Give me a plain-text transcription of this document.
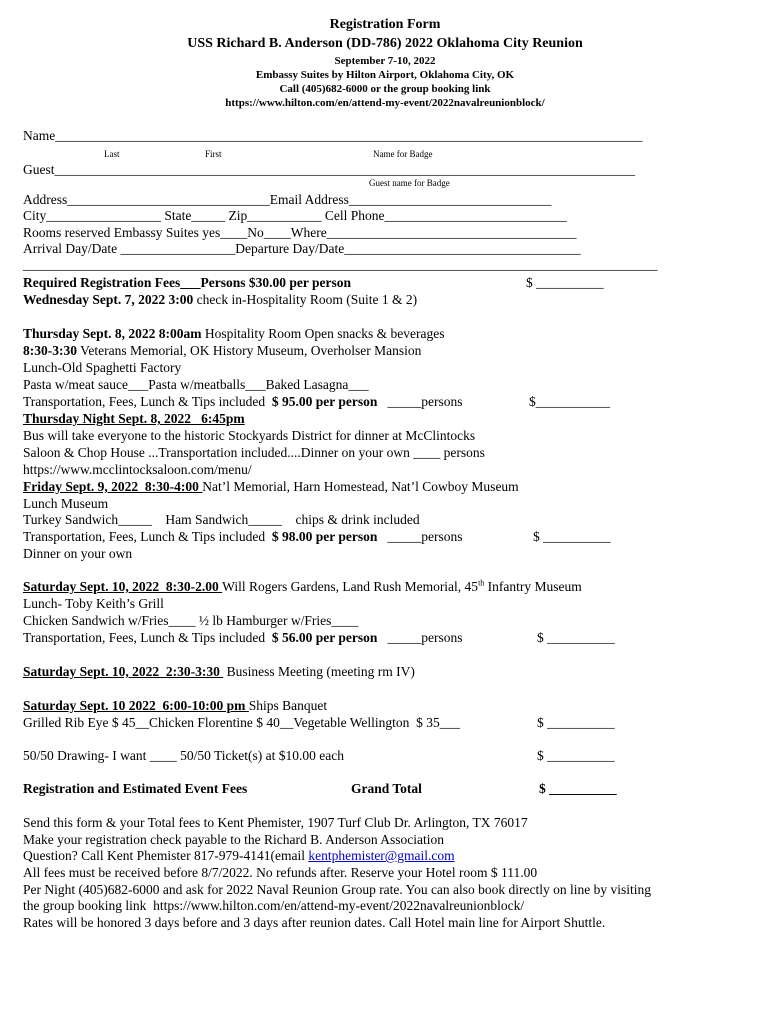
Registration Form
USS Richard B. Anderson (DD-786) 2022 Oklahoma City Reunion
September 7-10, 2022
Embassy Suites by Hilton Airport, Oklahoma City, OK
Call (405)682-6000 or the group booking link
https://www.hilton.com/en/attend-my-event/2022navalreunionblock/
Name_______________________________________________________________________________________
Last	First	Name for Badge
Guest______________________________________________________________________________________
Guest name for Badge
Address______________________________Email Address______________________________
City_________________ State_____ Zip___________ Cell Phone___________________________
Rooms reserved Embassy Suites yes____No____Where_____________________________________
Arrival Day/Date _________________Departure Day/Date___________________________________
______________________________________________________________________________________________
Required Registration Fees___Persons $30.00 per person	$ __________
Wednesday Sept. 7, 2022 3:00 check in-Hospitality Room (Suite 1 & 2)
Thursday Sept. 8, 2022 8:00am Hospitality Room Open snacks & beverages
8:30-3:30 Veterans Memorial, OK History Museum, Overholser Mansion
Lunch-Old Spaghetti Factory
Pasta w/meat sauce___Pasta w/meatballs___Baked Lasagna___
Transportation, Fees, Lunch & Tips included  $ 95.00 per person   _____persons	$___________
Thursday Night Sept. 8, 2022   6:45pm
Bus will take everyone to the historic Stockyards District for dinner at McClintocks
Saloon & Chop House ...Transportation included....Dinner on your own ____ persons
https://www.mcclintocksaloon.com/menu/
Friday Sept. 9, 2022  8:30-4:00 Nat’l Memorial, Harn Homestead, Nat’l Cowboy Museum
Lunch Museum
Turkey Sandwich_____    Ham Sandwich_____    chips & drink included
Transportation, Fees, Lunch & Tips included  $ 98.00 per person   _____persons	$ __________
Dinner on your own
Saturday Sept. 10, 2022  8:30-2.00 Will Rogers Gardens, Land Rush Memorial, 45th Infantry Museum
Lunch- Toby Keith’s Grill
Chicken Sandwich w/Fries____ ½ lb Hamburger w/Fries____
Transportation, Fees, Lunch & Tips included  $ 56.00 per person   _____persons	$ __________
Saturday Sept. 10, 2022  2:30-3:30  Business Meeting (meeting rm IV)
Saturday Sept. 10 2022  6:00-10:00 pm Ships Banquet
Grilled Rib Eye $ 45__Chicken Florentine $ 40__Vegetable Wellington  $ 35___	$ __________
50/50 Drawing- I want ____ 50/50 Ticket(s) at $10.00 each	$ __________
Registration and Estimated Event Fees	Grand Total	$ __________
Send this form & your Total fees to Kent Phemister, 1907 Turf Club Dr. Arlington, TX 76017
Make your registration check payable to the Richard B. Anderson Association
Question? Call Kent Phemister 817-979-4141(email kentphemister@gmail.com
All fees must be received before 8/7/2022. No refunds after. Reserve your Hotel room $ 111.00
Per Night (405)682-6000 and ask for 2022 Naval Reunion Group rate. You can also book directly on line by visiting
the group booking link  https://www.hilton.com/en/attend-my-event/2022navalreunionblock/
Rates will be honored 3 days before and 3 days after reunion dates. Call Hotel main line for Airport Shuttle.
